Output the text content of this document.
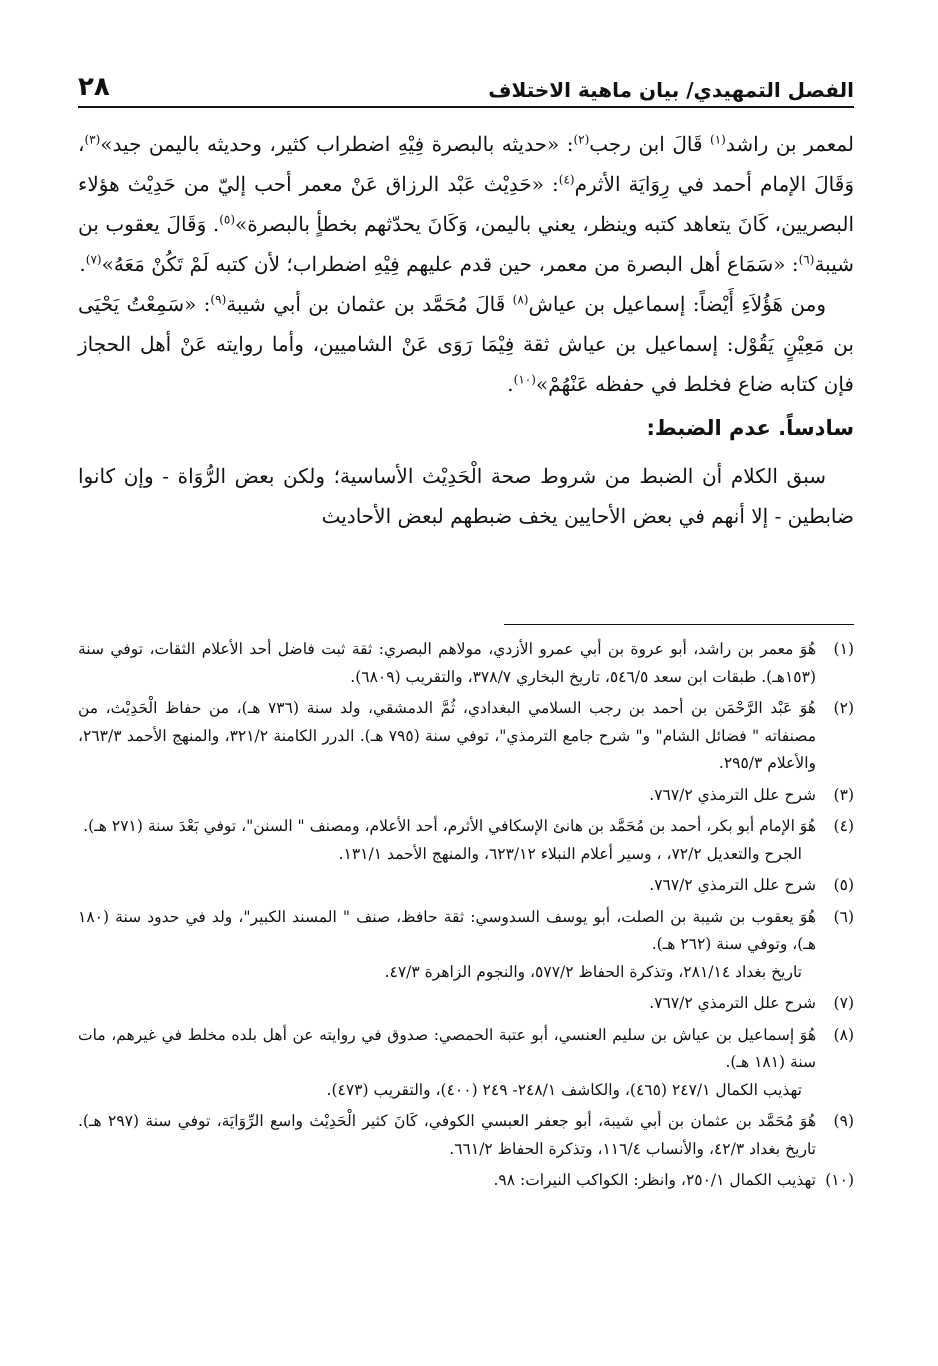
الفصل التمهيدي/ بيان ماهية الاختلاف
٢٨

لمعمر بن راشد$^{(١)}$ قَالَ ابن رجب$^{(٢)}$: «حديثه بالبصرة فِيْهِ اضطراب كثير، وحديثه باليمن جيد»$^{(٣)}$، وَقَالَ الإمام أحمد في رِوَايَة الأثرم$^{(٤)}$: «حَدِيْث عَبْد الرزاق عَنْ معمر أحب إليّ من حَدِيْث هؤلاء البصريين، كَانَ يتعاهد كتبه وينظر، يعني باليمن، وَكَانَ يحدّثهم بخطأٍ بالبصرة»$^{(٥)}$. وَقَالَ يعقوب بن شيبة$^{(٦)}$: «سَمَاع أهل البصرة من معمر، حين قدم عليهم فِيْهِ اضطراب؛ لأن كتبه لَمْ تَكُنْ مَعَهُ»$^{(٧)}$.

ومن هَؤُلاَءِ أَيْضاً: إسماعيل بن عياش$^{(٨)}$ قَالَ مُحَمَّد بن عثمان بن أبي شيبة$^{(٩)}$: «سَمِعْتُ يَحْيَى بن مَعِيْنٍ يَقُوْل: إسماعيل بن عياش ثقة فِيْمَا رَوَى عَنْ الشاميين، وأما روايته عَنْ أهل الحجاز فإن كتابه ضاع فخلط في حفظه عَنْهُمْ»$^{(١٠)}$.

سادساً. عدم الضبط:

سبق الكلام أن الضبط من شروط صحة الْحَدِيْث الأساسية؛ ولكن بعض الرُّوَاة - وإن كانوا ضابطين - إلا أنهم في بعض الأحايين يخف ضبطهم لبعض الأحاديث

(١)
هُوَ معمر بن راشد، أبو عروة بن أبي عمرو الأزدي، مولاهم البصري: ثقة ثبت فاضل أحد الأعلام الثقات، توفي سنة (١٥٣هـ). طبقات ابن سعد ٥٤٦/٥، تاريخ البخاري ٣٧٨/٧، والتقريب (٦٨٠٩).
(٢)
هُوَ عَبْد الرَّحْمَن بن أحمد بن رجب السلامي البغدادي، ثُمَّ الدمشقي، ولد سنة (٧٣٦ هـ)، من حفاظ الْحَدِيْث، من مصنفاته " فضائل الشام" و" شرح جامع الترمذي"، توفي سنة (٧٩٥ هـ). الدرر الكامنة ٣٢١/٢، والمنهج الأحمد ٢٦٣/٣، والأعلام ٢٩٥/٣.
(٣)
شرح علل الترمذي ٧٦٧/٢.
(٤)
هُوَ الإمام أبو بكر، أحمد بن مُحَمَّد بن هانئ الإسكافي الأثرم، أحد الأعلام، ومصنف " السنن"، توفي بَعْدَ سنة (٢٧١ هـ).
الجرح والتعديل ٧٢/٢، ، وسير أعلام النبلاء ٦٢٣/١٢، والمنهج الأحمد ١٣١/١.
(٥)
شرح علل الترمذي ٧٦٧/٢.
(٦)
هُوَ يعقوب بن شيبة بن الصلت، أبو يوسف السدوسي: ثقة حافظ، صنف " المسند الكبير"، ولد في حدود سنة (١٨٠ هـ)، وتوفي سنة (٢٦٢ هـ).
تاريخ بغداد ٢٨١/١٤، وتذكرة الحفاظ ٥٧٧/٢، والنجوم الزاهرة ٤٧/٣.
(٧)
شرح علل الترمذي ٧٦٧/٢.
(٨)
هُوَ إسماعيل بن عياش بن سليم العنسي، أبو عتبة الحمصي: صدوق في روايته عن أهل بلده مخلط في غيرهم، مات سنة (١٨١ هـ).
تهذيب الكمال ٢٤٧/١ (٤٦٥)، والكاشف ٢٤٨/١- ٢٤٩ (٤٠٠)، والتقريب (٤٧٣).
(٩)
هُوَ مُحَمَّد بن عثمان بن أبي شيبة، أبو جعفر العبسي الكوفي، كَانَ كثير الْحَدِيْث واسع الرِّوَايَة، توفي سنة (٢٩٧ هـ). تاريخ بغداد ٤٢/٣، والأنساب ١١٦/٤، وتذكرة الحفاظ ٦٦١/٢.
(١٠)
تهذيب الكمال ٢٥٠/١، وانظر: الكواكب النيرات: ٩٨.
